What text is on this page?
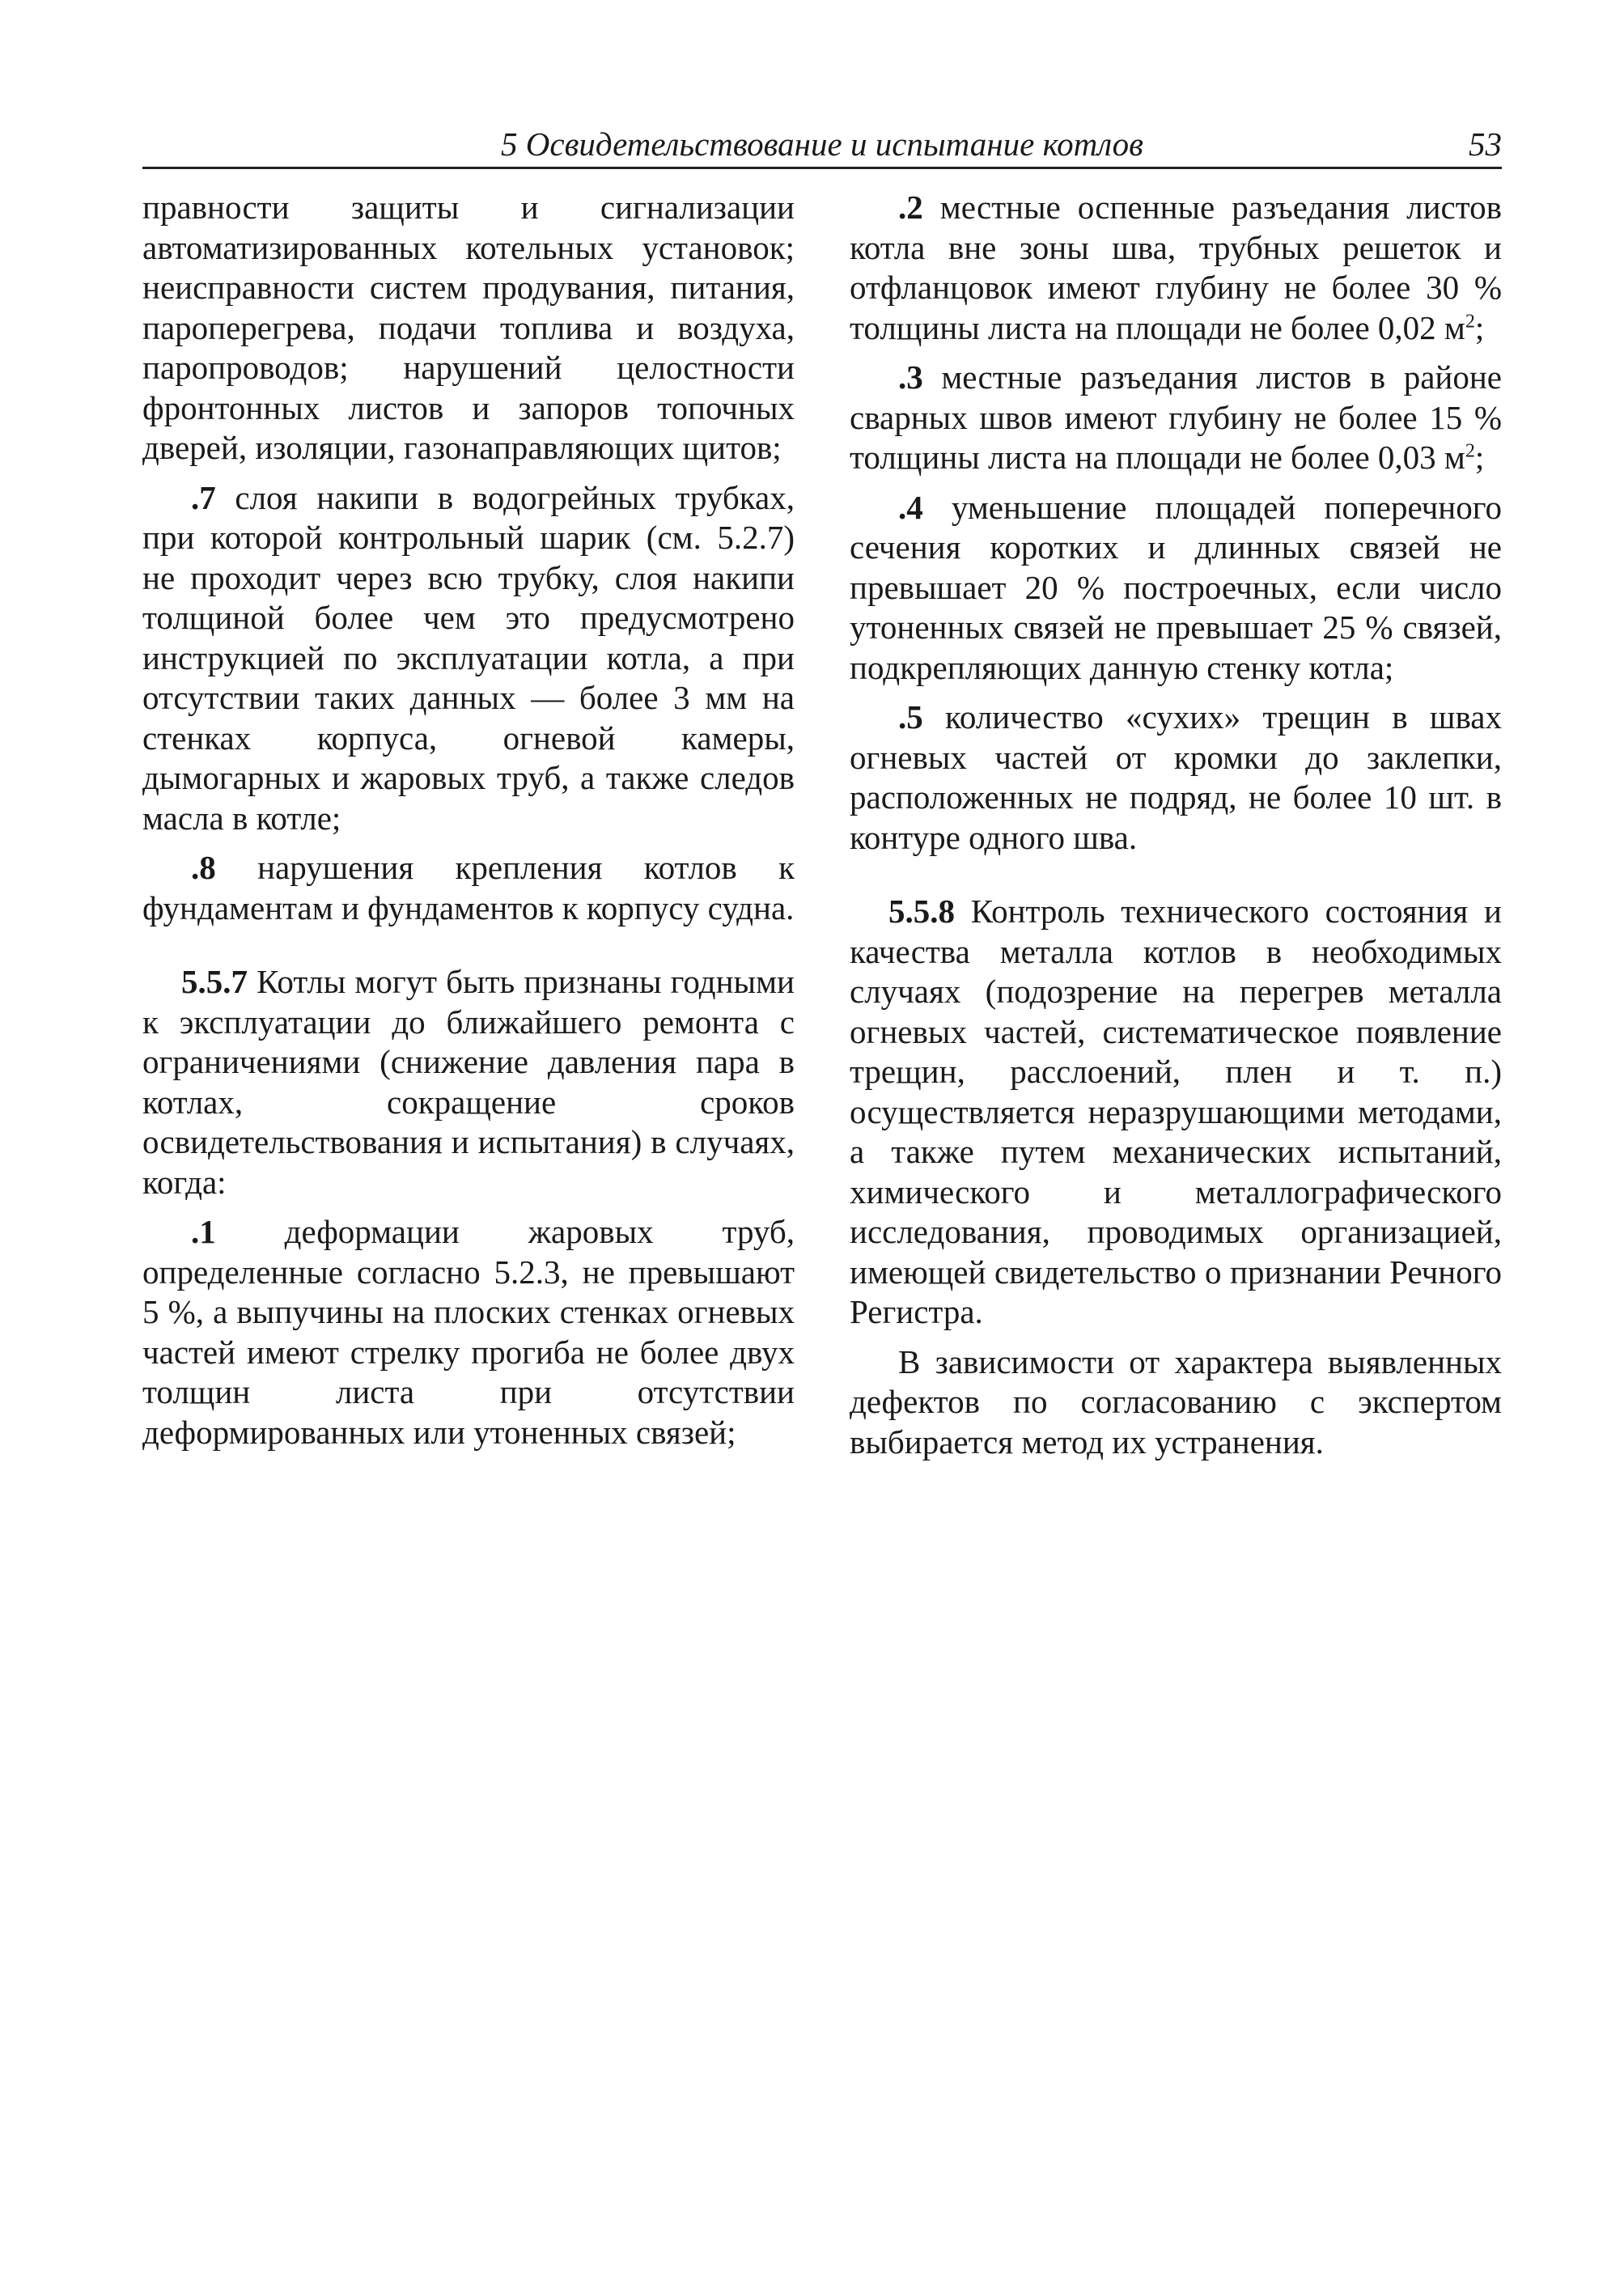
5 Освидетельствование и испытание котлов	53

правности защиты и сигнализации автоматизированных котельных установок; неисправности систем продувания, питания, пароперегрева, подачи топлива и воздуха, паропроводов; нарушений целостности фронтонных листов и запоров топочных дверей, изоляции, газонаправляющих щитов;

.7 слоя накипи в водогрейных трубках, при которой контрольный шарик (см. 5.2.7) не проходит через всю трубку, слоя накипи толщиной более чем это предусмотрено инструкцией по эксплуатации котла, а при отсутствии таких данных — более 3 мм на стенках корпуса, огневой камеры, дымогарных и жаровых труб, а также следов масла в котле;

.8 нарушения крепления котлов к фундаментам и фундаментов к корпусу судна.

5.5.7 Котлы могут быть признаны годными к эксплуатации до ближайшего ремонта с ограничениями (снижение давления пара в котлах, сокращение сроков освидетельствования и испытания) в случаях, когда:

.1 деформации жаровых труб, определенные согласно 5.2.3, не превышают 5 %, а выпучины на плоских стенках огневых частей имеют стрелку прогиба не более двух толщин листа при отсутствии деформированных или утоненных связей;

.2 местные оспенные разъедания листов котла вне зоны шва, трубных решеток и отфланцовок имеют глубину не более 30 % толщины листа на площади не более 0,02 $м^2$;

.3 местные разъедания листов в районе сварных швов имеют глубину не более 15 % толщины листа на площади не более 0,03 $м^2$;

.4 уменьшение площадей поперечного сечения коротких и длинных связей не превышает 20 % построечных, если число утоненных связей не превышает 25 % связей, подкрепляющих данную стенку котла;

.5 количество «сухих» трещин в швах огневых частей от кромки до заклепки, расположенных не подряд, не более 10 шт. в контуре одного шва.

5.5.8 Контроль технического состояния и качества металла котлов в необходимых случаях (подозрение на перегрев металла огневых частей, систематическое появление трещин, расслоений, плен и т. п.) осуществляется неразрушающими методами, а также путем механических испытаний, химического и металлографического исследования, проводимых организацией, имеющей свидетельство о признании Речного Регистра.

В зависимости от характера выявленных дефектов по согласованию с экспертом выбирается метод их устранения.
